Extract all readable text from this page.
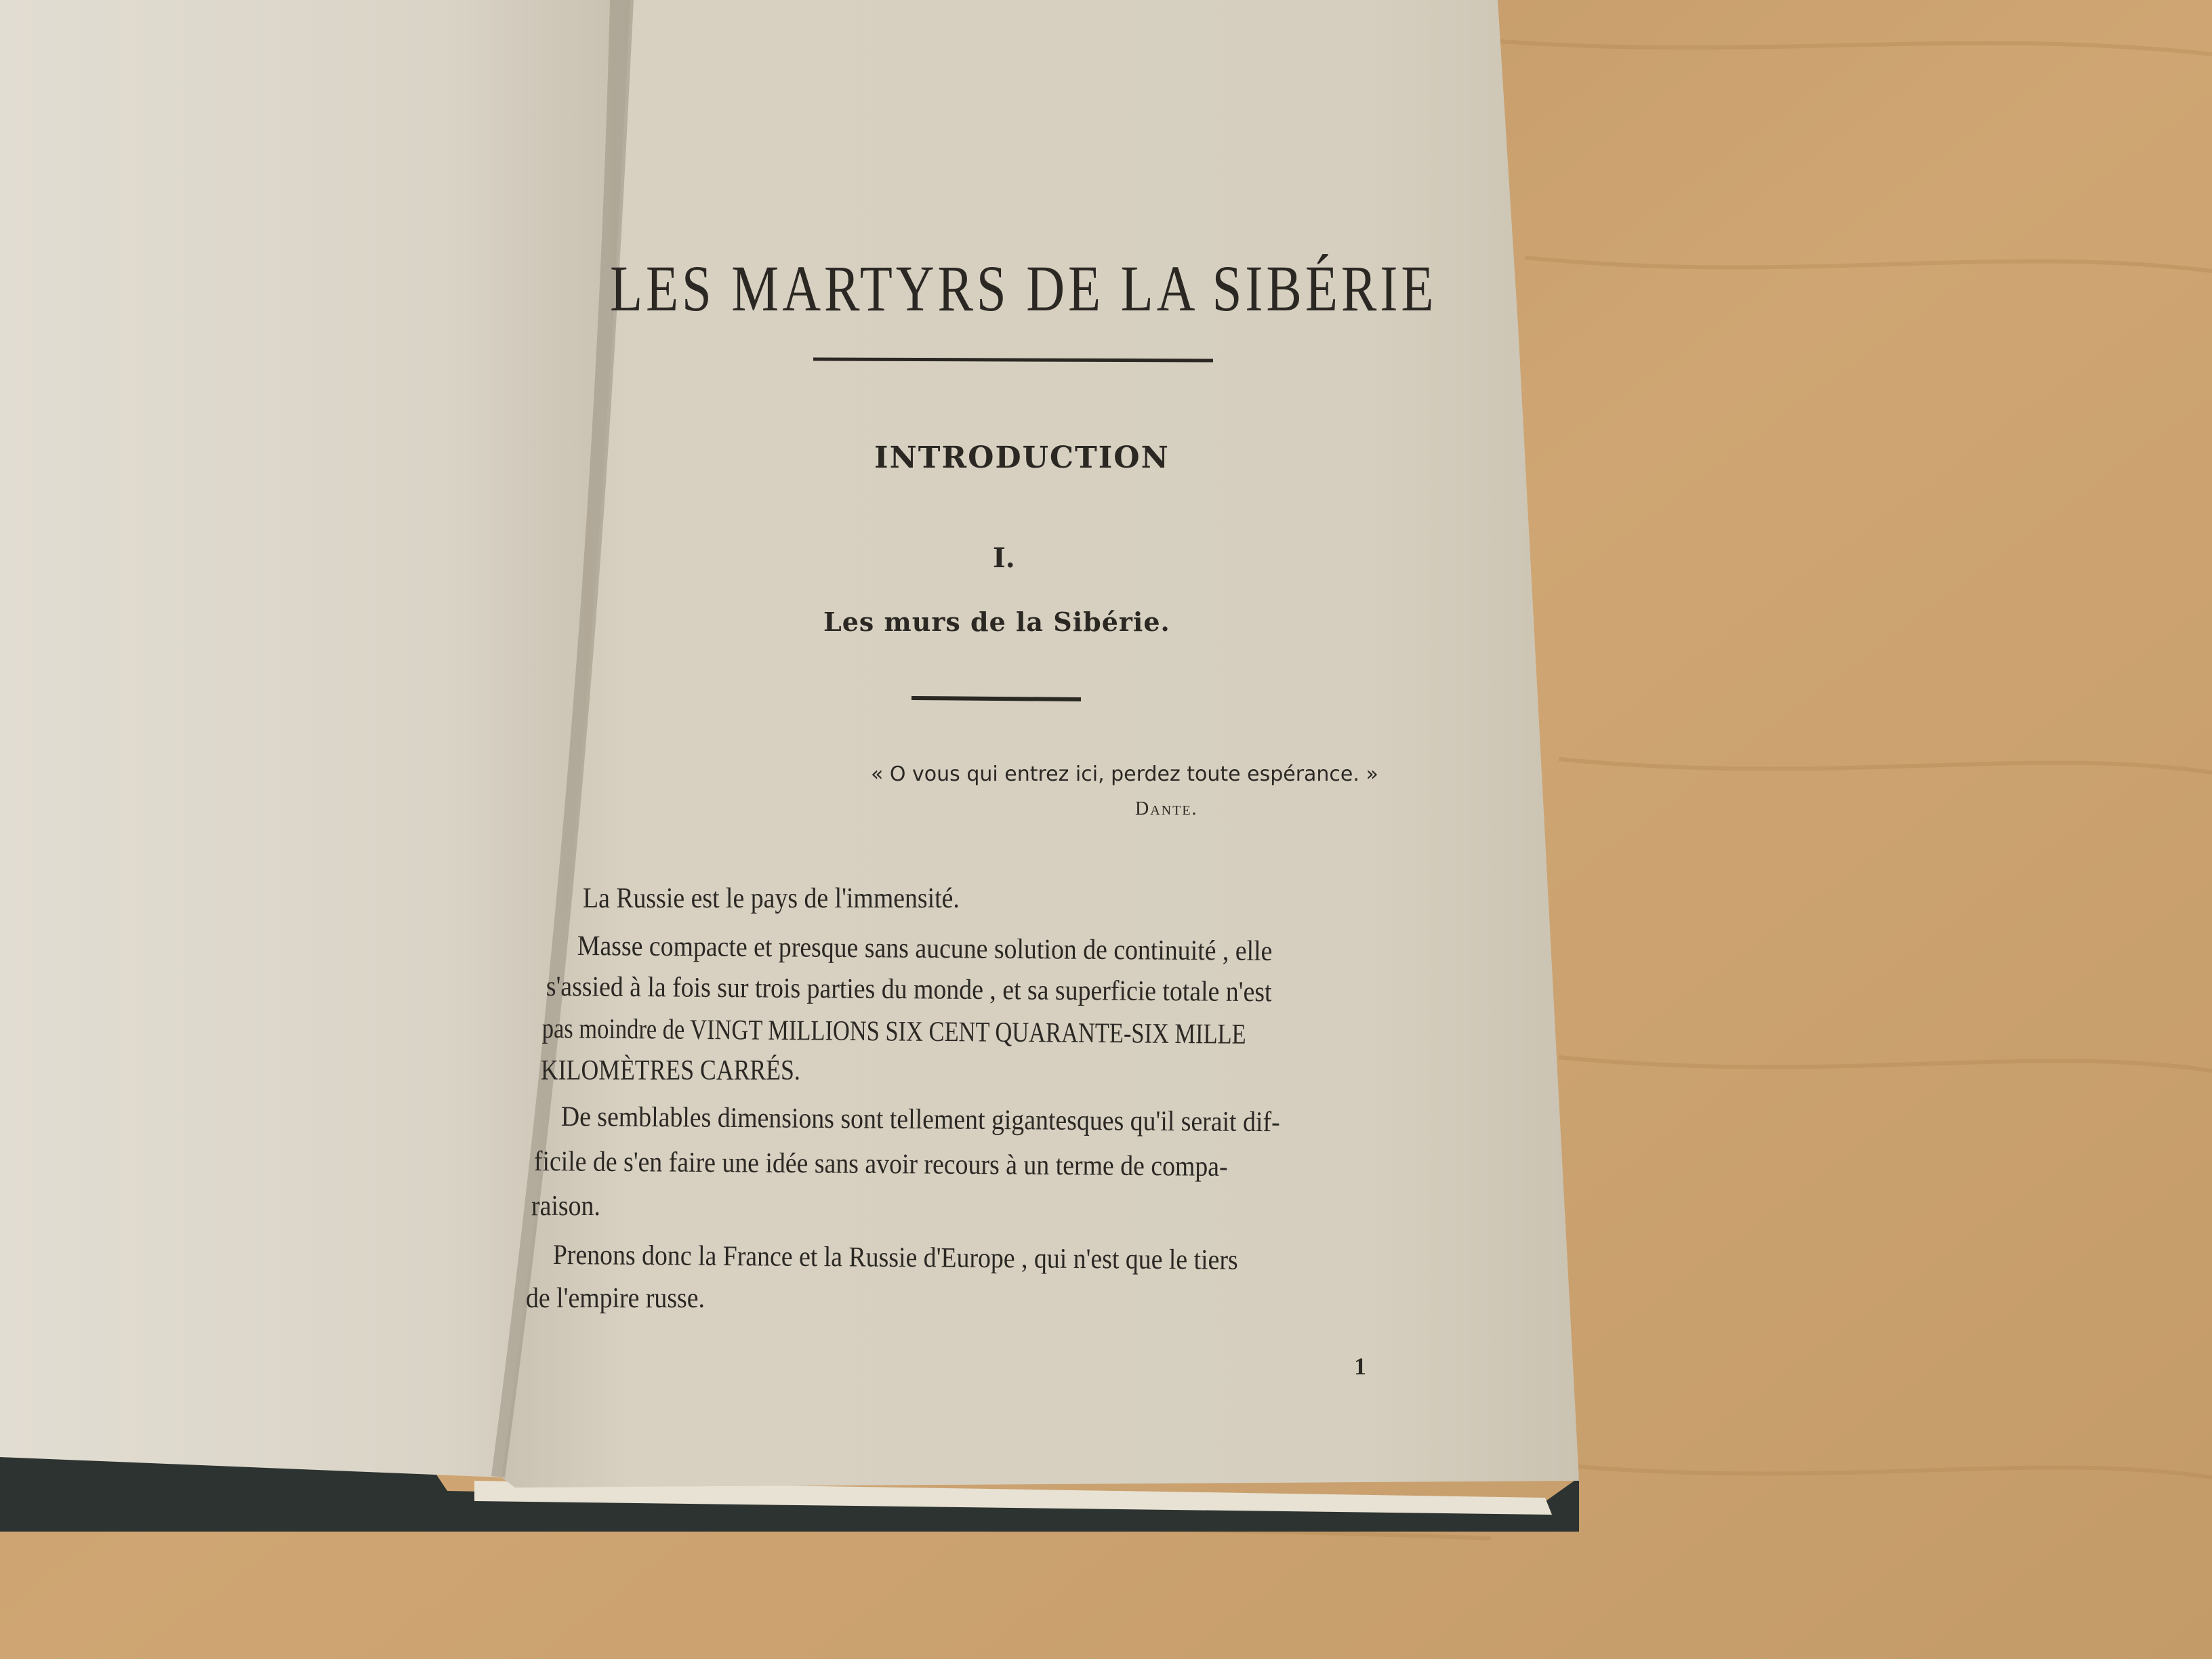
LES MARTYRS DE LA SIBÉRIE
INTRODUCTION
I.
Les murs de la Sibérie.
« O vous qui entrez ici, perdez toute espérance. »
Dante.
La Russie est le pays de l'immensité.
Masse compacte et presque sans aucune solution de continuité , elle
s'assied à la fois sur trois parties du monde , et sa superficie totale n'est
pas moindre de VINGT MILLIONS SIX CENT QUARANTE-SIX MILLE
KILOMÈTRES CARRÉS.
De semblables dimensions sont tellement gigantesques qu'il serait dif-
ficile de s'en faire une idée sans avoir recours à un terme de compa-
raison.
Prenons donc la France et la Russie d'Europe , qui n'est que le tiers
de l'empire russe.
1
